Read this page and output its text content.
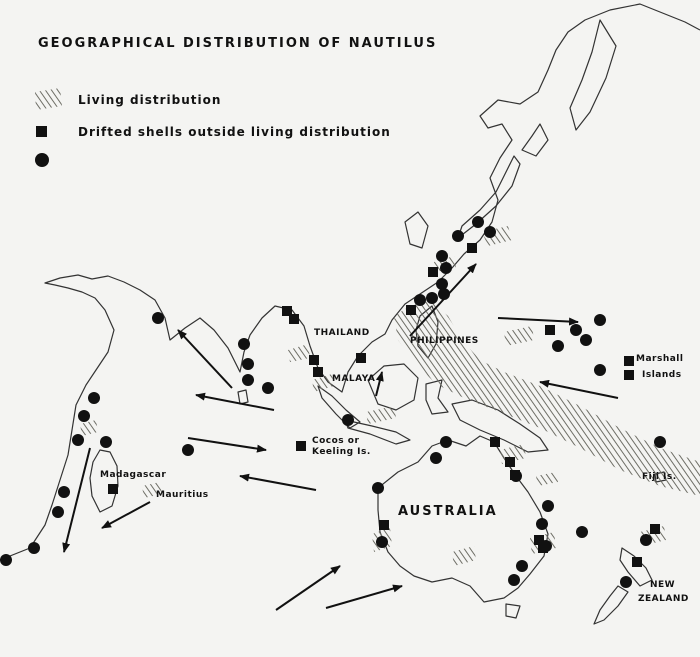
GEOGRAPHICAL DISTRIBUTION OF NAUTILUS
Living distribution
Drifted shells outside living distribution
THAILAND
MALAYA
PHILIPPINES
Cocos or
Keeling Is.
Madagascar
Mauritius
AUSTRALIA
Marshall
Islands
Fiji Is.
NEW
ZEALAND
